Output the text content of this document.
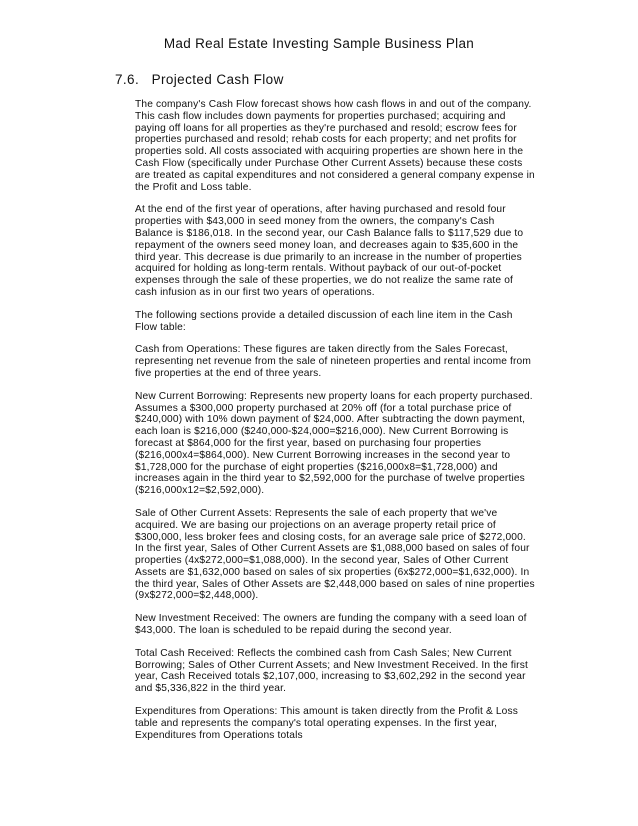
Mad Real Estate Investing Sample Business Plan
7.6. Projected Cash Flow

The company's Cash Flow forecast shows how cash flows in and out of the company. This cash flow includes down payments for properties purchased; acquiring and paying off loans for all properties as they're purchased and resold; escrow fees for properties purchased and resold; rehab costs for each property; and net profits for properties sold. All costs associated with acquiring properties are shown here in the Cash Flow (specifically under Purchase Other Current Assets) because these costs are treated as capital expenditures and not considered a general company expense in the Profit and Loss table.

At the end of the first year of operations, after having purchased and resold four properties with $43,000 in seed money from the owners, the company's Cash Balance is $186,018. In the second year, our Cash Balance falls to $117,529 due to repayment of the owners seed money loan, and decreases again to $35,600 in the third year. This decrease is due primarily to an increase in the number of properties acquired for holding as long-term rentals. Without payback of our out-of-pocket expenses through the sale of these properties, we do not realize the same rate of cash infusion as in our first two years of operations.

The following sections provide a detailed discussion of each line item in the Cash Flow table:

Cash from Operations: These figures are taken directly from the Sales Forecast, representing net revenue from the sale of nineteen properties and rental income from five properties at the end of three years.

New Current Borrowing: Represents new property loans for each property purchased. Assumes a $300,000 property purchased at 20% off (for a total purchase price of $240,000) with 10% down payment of $24,000. After subtracting the down payment, each loan is $216,000 ($240,000-$24,000=$216,000). New Current Borrowing is forecast at $864,000 for the first year, based on purchasing four properties ($216,000x4=$864,000). New Current Borrowing increases in the second year to $1,728,000 for the purchase of eight properties ($216,000x8=$1,728,000) and increases again in the third year to $2,592,000 for the purchase of twelve properties ($216,000x12=$2,592,000).

Sale of Other Current Assets: Represents the sale of each property that we've acquired. We are basing our projections on an average property retail price of $300,000, less broker fees and closing costs, for an average sale price of $272,000. In the first year, Sales of Other Current Assets are $1,088,000 based on sales of four properties (4x$272,000=$1,088,000). In the second year, Sales of Other Current Assets are $1,632,000 based on sales of six properties (6x$272,000=$1,632,000). In the third year, Sales of Other Assets are $2,448,000 based on sales of nine properties (9x$272,000=$2,448,000).

New Investment Received: The owners are funding the company with a seed loan of $43,000. The loan is scheduled to be repaid during the second year.

Total Cash Received: Reflects the combined cash from Cash Sales; New Current Borrowing; Sales of Other Current Assets; and New Investment Received. In the first year, Cash Received totals $2,107,000, increasing to $3,602,292 in the second year and $5,336,822 in the third year.

Expenditures from Operations: This amount is taken directly from the Profit & Loss table and represents the company's total operating expenses. In the first year, Expenditures from Operations totals
